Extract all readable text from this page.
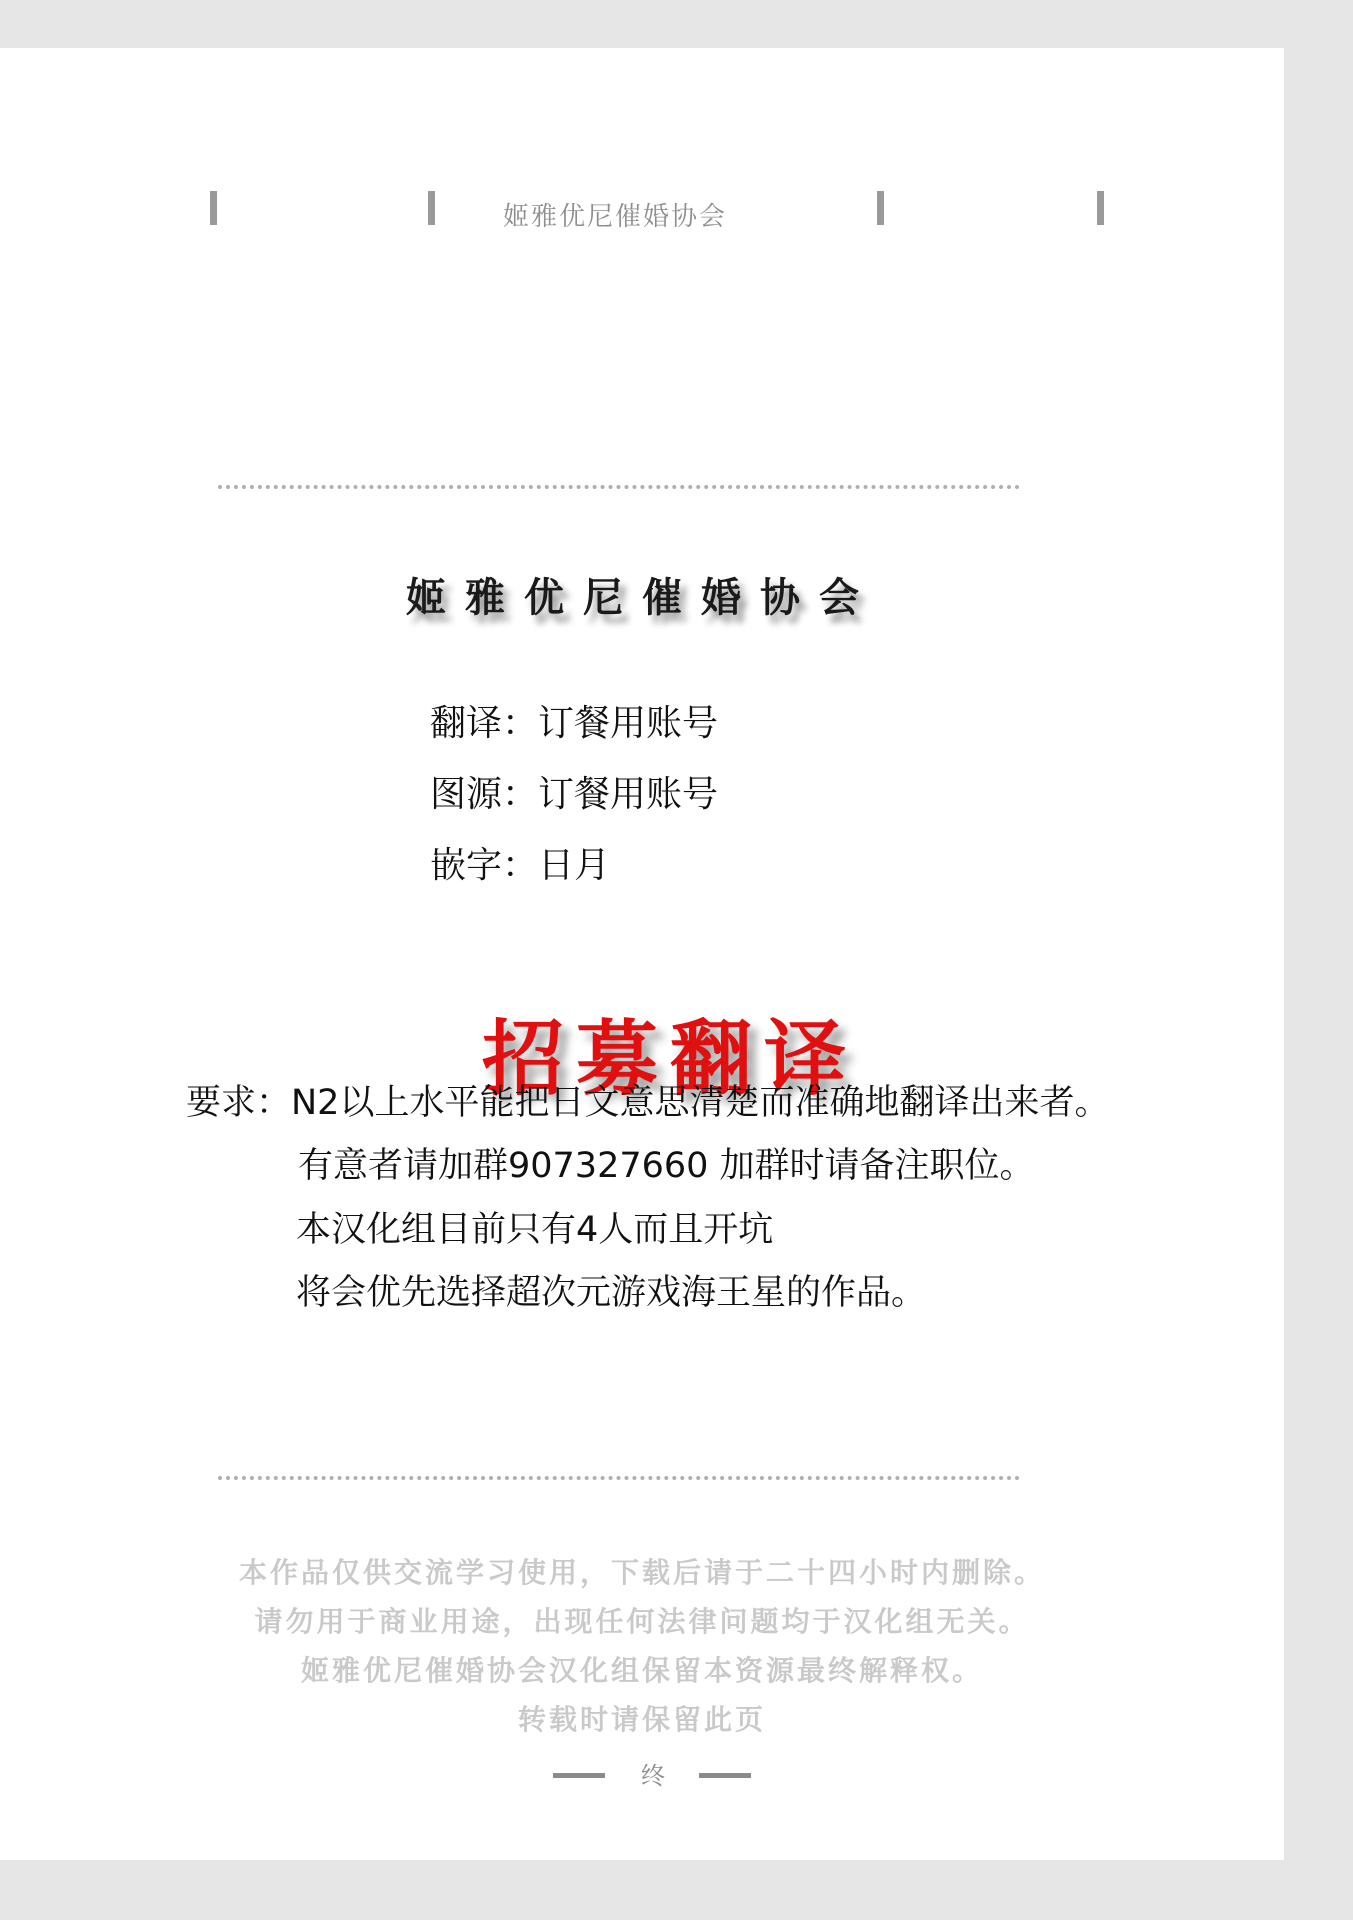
姬雅优尼催婚协会
姬雅优尼催婚协会
翻译：订餐用账号
图源：订餐用账号
嵌字：日月
招募翻译
要求：N2以上水平能把日文意思清楚而准确地翻译出来者。
有意者请加群907327660 加群时请备注职位。
本汉化组目前只有4人而且开坑
将会优先选择超次元游戏海王星的作品。
本作品仅供交流学习使用，下载后请于二十四小时内删除。
请勿用于商业用途，出现任何法律问题均于汉化组无关。
姬雅优尼催婚协会汉化组保留本资源最终解释权。
转载时请保留此页
终
